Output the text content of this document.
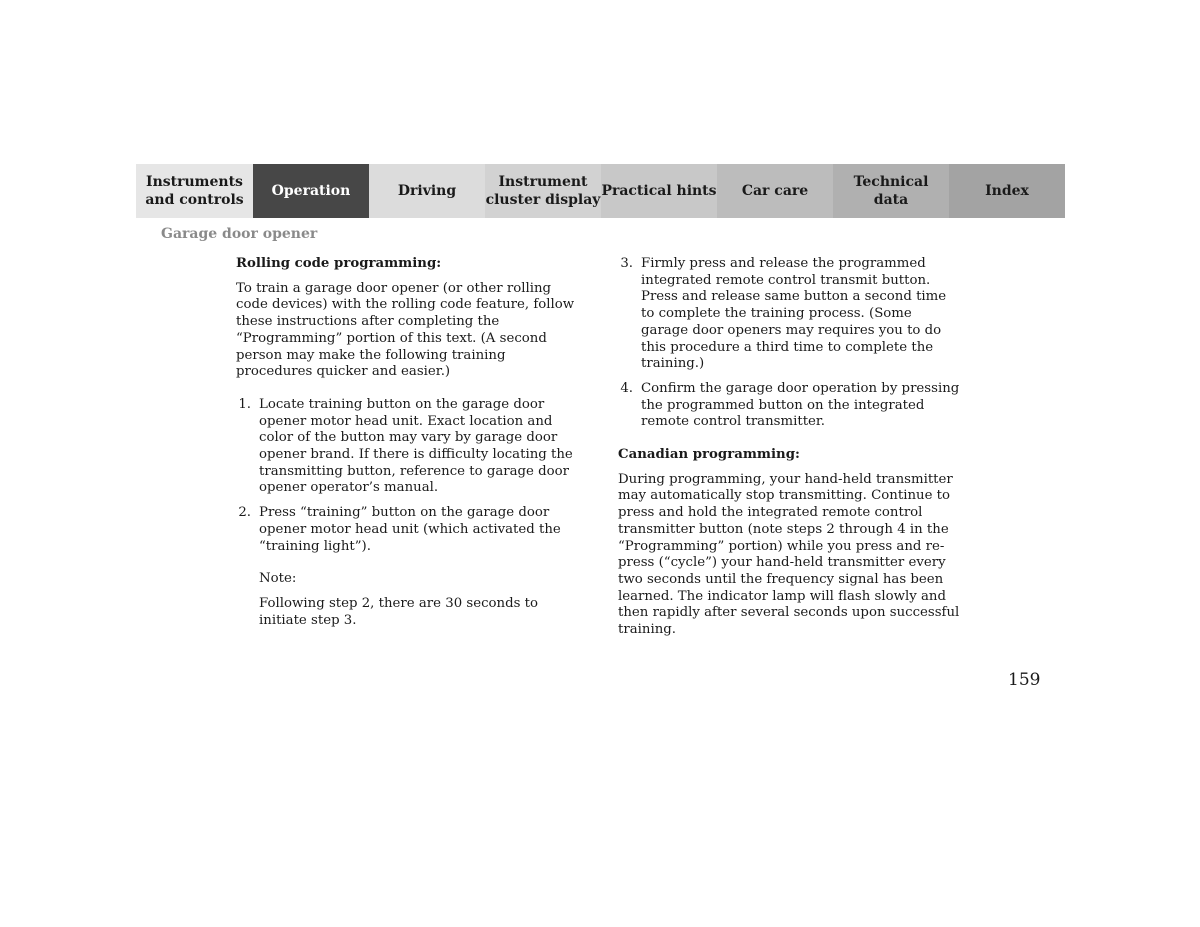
Instruments
and controls
Operation	Driving
Instrument
cluster display
Practical hints	Car care
Technical
data
Index
Garage door opener
Rolling code programming:

To train a garage door opener (or other rolling code devices) with the rolling code feature, follow these instructions after completing the “Programming” portion of this text. (A second person may make the following training procedures quicker and easier.)

1. Locate training button on the garage door opener motor head unit. Exact location and color of the button may vary by garage door opener brand. If there is difficulty locating the transmitting button, reference to garage door opener operator’s manual.
2. Press “training” button on the garage door opener motor head unit (which activated the “training light”).
Note:
Following step 2, there are 30 seconds to initiate step 3.
3. Firmly press and release the programmed integrated remote control transmit button. Press and release same button a second time to complete the training process. (Some garage door openers may requires you to do this procedure a third time to complete the training.)
4. Confirm the garage door operation by pressing the programmed button on the integrated remote control transmitter.
Canadian programming:

During programming, your hand-held transmitter may automatically stop transmitting. Continue to press and hold the integrated remote control transmitter button (note steps 2 through 4 in the “Programming” portion) while you press and re-press (“cycle”) your hand-held transmitter every two seconds until the frequency signal has been learned. The indicator lamp will flash slowly and then rapidly after several seconds upon successful training.

159
